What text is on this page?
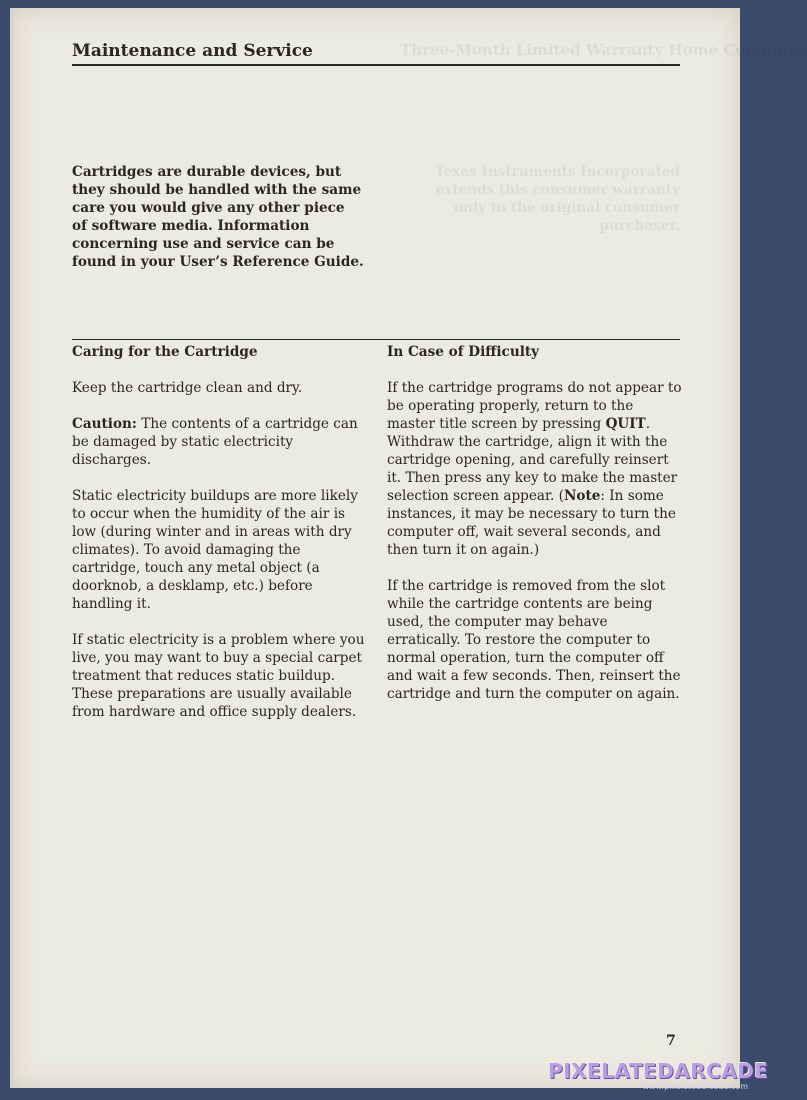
Three-Month Limited Warranty Home Computer
Texas Instruments Incorporated extends this consumer warranty only to the original consumer purchaser.
Maintenance and Service

Cartridges are durable devices, but they should be handled with the same care you would give any other piece of software media. Information concerning use and service can be found in your User’s Reference Guide.

Caring for the Cartridge

Keep the cartridge clean and dry.

Caution: The contents of a cartridge can be damaged by static electricity discharges.

Static electricity buildups are more likely to occur when the humidity of the air is low (during winter and in areas with dry climates). To avoid damaging the cartridge, touch any metal object (a doorknob, a desklamp, etc.) before handling it.

If static electricity is a problem where you live, you may want to buy a special carpet treatment that reduces static buildup. These preparations are usually available from hardware and office supply dealers.

In Case of Difficulty

If the cartridge programs do not appear to be operating properly, return to the master title screen by pressing QUIT. Withdraw the cartridge, align it with the cartridge opening, and carefully reinsert it. Then press any key to make the master selection screen appear. (Note: In some instances, it may be necessary to turn the computer off, wait several seconds, and then turn it on again.)

If the cartridge is removed from the slot while the cartridge contents are being used, the computer may behave erratically. To restore the computer to normal operation, turn the computer off and wait a few seconds. Then, reinsert the cartridge and turn the computer on again.

7
PIXELATEDARCADE
www.pixelatedarcade.com
